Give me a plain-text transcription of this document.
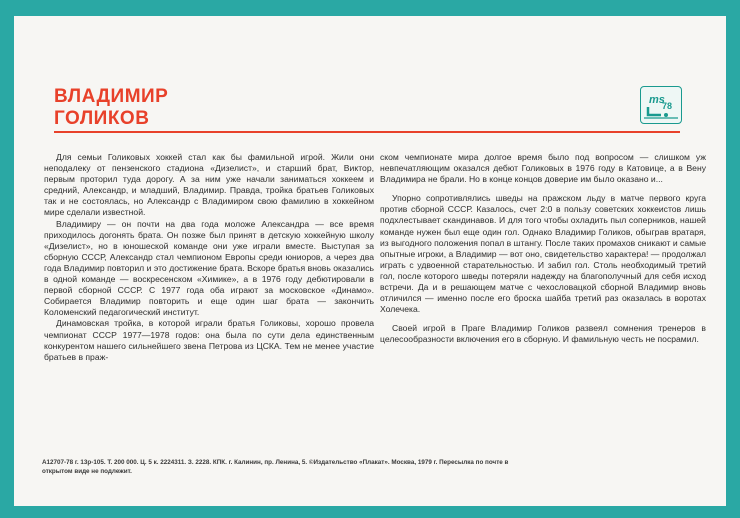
ВЛАДИМИР
ГОЛИКОВ
ms
78

Для семьи Голиковых хоккей стал как бы фамильной игрой. Жили они неподалеку от пензенского стадиона «Дизелист», и старший брат, Виктор, первым проторил туда дорогу. А за ним уже начали заниматься хоккеем и средний, Александр, и младший, Владимир. Правда, тройка братьев Голиковых так и не состоялась, но Александр с Владимиром свою фамилию в хоккейном мире сделали известной.

Владимиру — он почти на два года моложе Александра — все время приходилось догонять брата. Он позже был принят в детскую хоккейную школу «Дизелист», но в юношеской команде они уже играли вместе. Выступая за сборную СССР, Александр стал чемпионом Европы среди юниоров, а через два года Владимир повторил и это достижение брата. Вскоре братья вновь оказались в одной команде — воскресенском «Химике», а в 1976 году дебютировали в первой сборной СССР. С 1977 года оба играют за московское «Динамо». Собирается Владимир повторить и еще один шаг брата — закончить Коломенский педагогический институт.

Динамовская тройка, в которой играли братья Голиковы, хорошо провела чемпионат СССР 1977—1978 годов: она была по сути дела единственным конкурентом нашего сильнейшего звена Петрова из ЦСКА. Тем не менее участие братьев в праж-

ском чемпионате мира долгое время было под вопросом — слишком уж невпечатляющим оказался дебют Голиковых в 1976 году в Катовице, а в Вену Владимира не брали. Но в конце концов доверие им было оказано и...

Упорно сопротивлялись шведы на пражском льду в матче первого круга против сборной СССР. Казалось, счет 2:0 в пользу советских хоккеистов лишь подхлестывает скандинавов. И для того чтобы охладить пыл соперников, нашей команде нужен был еще один гол. Однако Владимир Голиков, обыграв вратаря, из выгодного положения попал в штангу. После таких промахов сникают и самые опытные игроки, а Владимир — вот оно, свидетельство характера! — продолжал играть с удвоенной старательностью. И забил гол. Столь необходимый третий гол, после которого шведы потеряли надежду на благополучный для себя исход встречи. Да и в решающем матче с чехословацкой сборной Владимир вновь отличился — именно после его броска шайба третий раз оказалась в воротах Холечека.

Своей игрой в Праге Владимир Голиков развеял сомнения тренеров в целесообразности включения его в сборную. И фамильную честь не посрамил.

А12707-78 г. 13р-105. Т. 200 000. Ц. 5 к. 2224311. З. 2228. КПК. г. Калинин, пр. Ленина, 5. ©Издательство «Плакат». Москва, 1979 г. Пересылка по почте в
открытом виде не подлежит.
